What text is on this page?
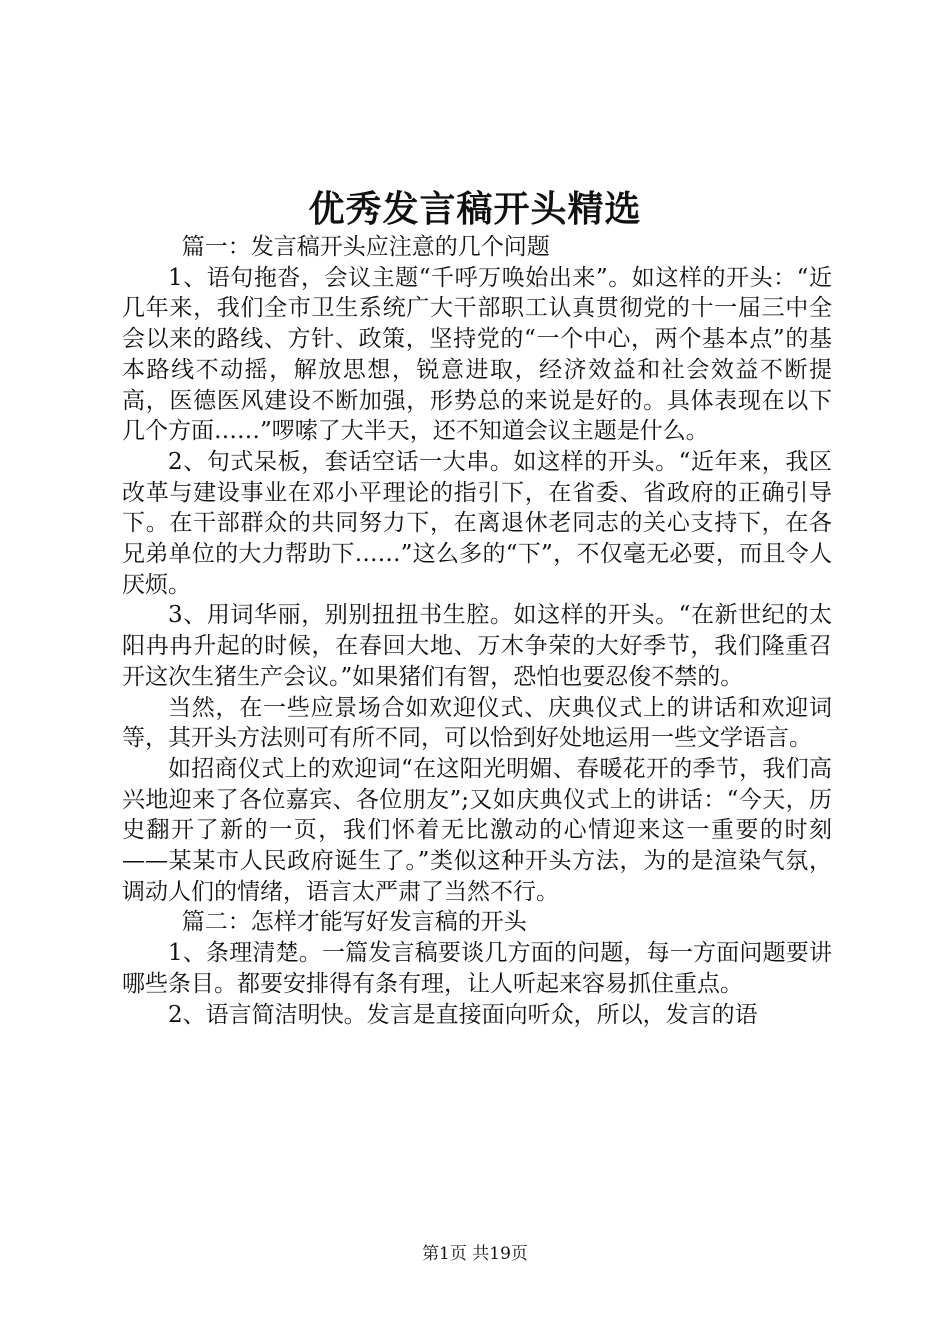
优秀发言稿开头精选

篇一：发言稿开头应注意的几个问题

1、语句拖沓，会议主题“千呼万唤始出来”。如这样的开头：“近几年来，我们全市卫生系统广大干部职工认真贯彻党的十一届三中全会以来的路线、方针、政策，坚持党的“一个中心，两个基本点”的基本路线不动摇，解放思想，锐意进取，经济效益和社会效益不断提高，医德医风建设不断加强，形势总的来说是好的。具体表现在以下几个方面……”啰嗦了大半天，还不知道会议主题是什么。

2、句式呆板，套话空话一大串。如这样的开头。“近年来，我区改革与建设事业在邓小平理论的指引下，在省委、省政府的正确引导下。在干部群众的共同努力下，在离退休老同志的关心支持下，在各兄弟单位的大力帮助下……”这么多的“下”，不仅毫无必要，而且令人厌烦。

3、用词华丽，别别扭扭书生腔。如这样的开头。“在新世纪的太阳冉冉升起的时候，在春回大地、万木争荣的大好季节，我们隆重召开这次生猪生产会议。”如果猪们有智，恐怕也要忍俊不禁的。

当然，在一些应景场合如欢迎仪式、庆典仪式上的讲话和欢迎词等，其开头方法则可有所不同，可以恰到好处地运用一些文学语言。

如招商仪式上的欢迎词“在这阳光明媚、春暖花开的季节，我们高兴地迎来了各位嘉宾、各位朋友”;又如庆典仪式上的讲话：“今天，历史翻开了新的一页，我们怀着无比激动的心情迎来这一重要的时刻——某某市人民政府诞生了。”类似这种开头方法，为的是渲染气氛，调动人们的情绪，语言太严肃了当然不行。

篇二：怎样才能写好发言稿的开头

1、条理清楚。一篇发言稿要谈几方面的问题，每一方面问题要讲哪些条目。都要安排得有条有理，让人听起来容易抓住重点。

2、语言简洁明快。发言是直接面向听众，所以，发言的语

第1页 共19页
